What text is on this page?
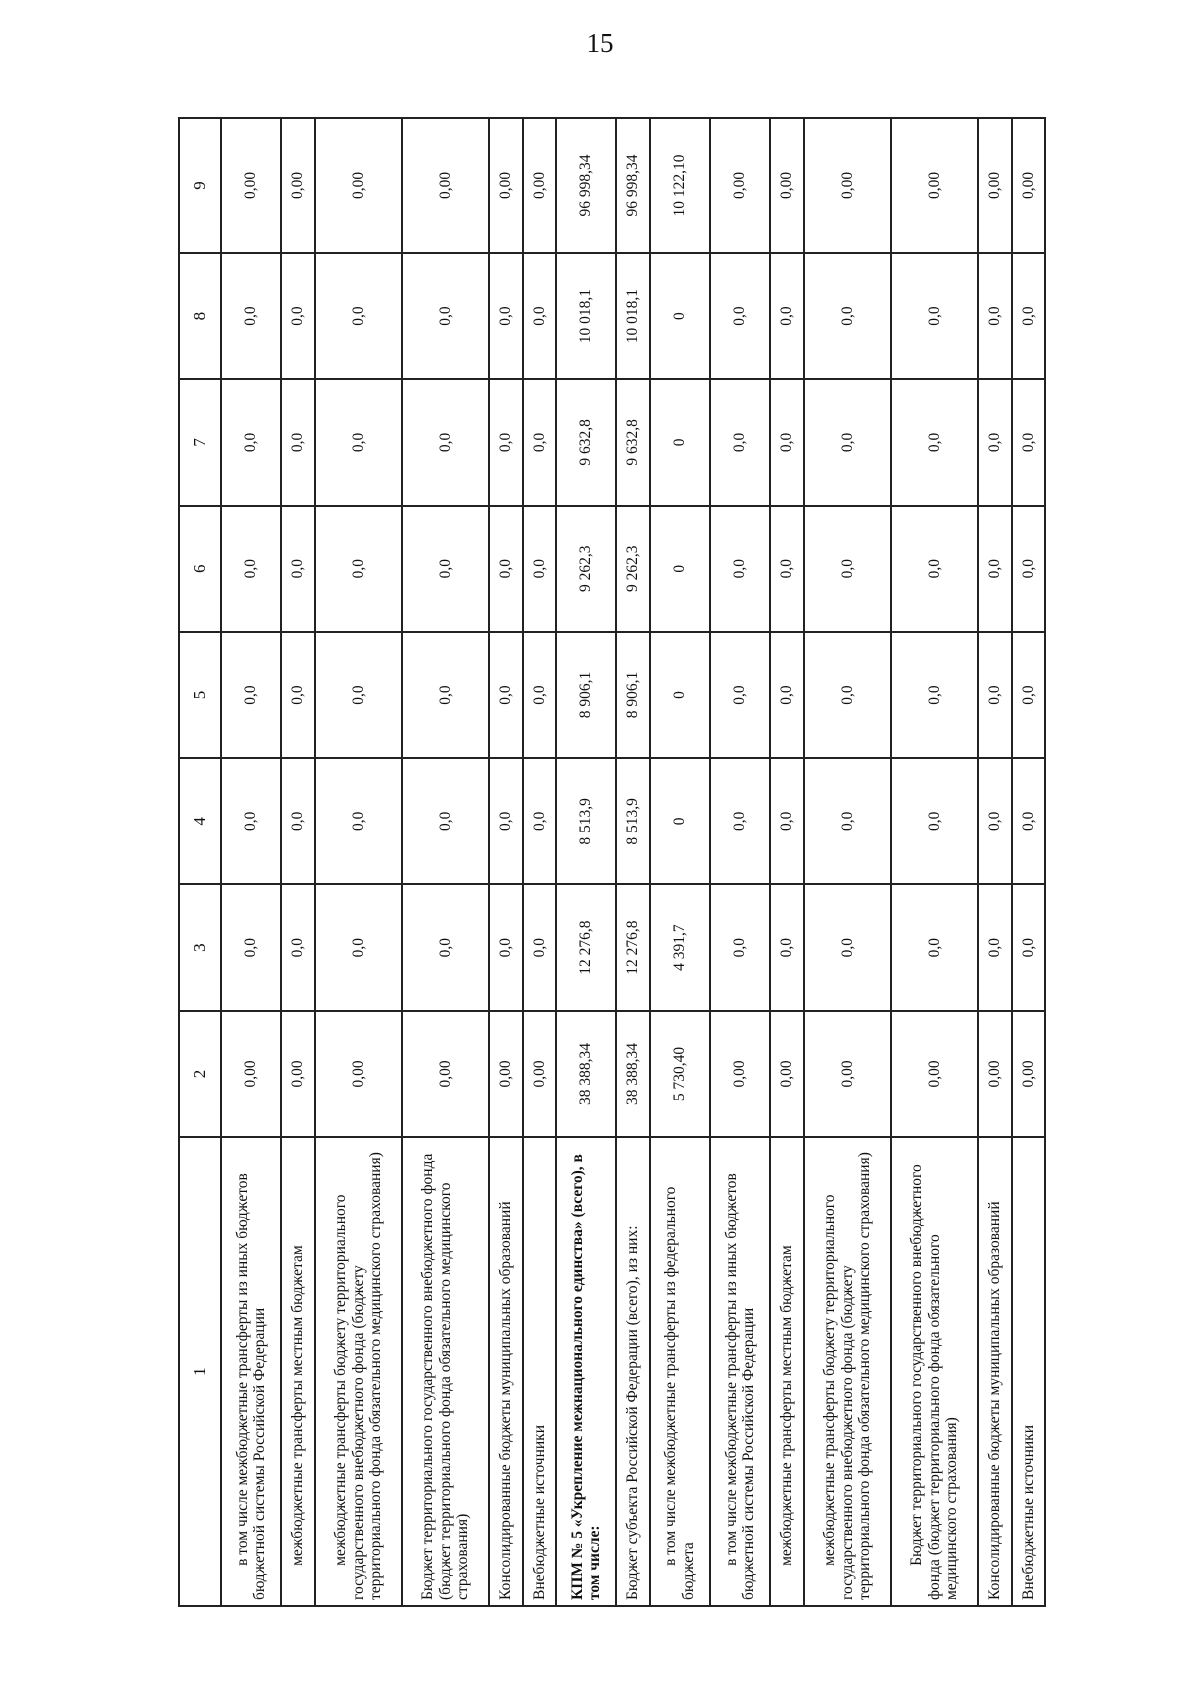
15
1	2	3	4	5	6	7	8	9
в том числе межбюджетные трансферты из иных бюджетов бюджетной системы Российской Федерации	0,00	0,0	0,0	0,0	0,0	0,0	0,0	0,00
межбюджетные трансферты местным бюджетам	0,00	0,0	0,0	0,0	0,0	0,0	0,0	0,00
межбюджетные трансферты бюджету территориального государственного внебюджетного фонда (бюджету территориального фонда обязательного медицинского страхования)	0,00	0,0	0,0	0,0	0,0	0,0	0,0	0,00
Бюджет территориального государственного внебюджетного фонда (бюджет территориального фонда обязательного медицинского страхования)	0,00	0,0	0,0	0,0	0,0	0,0	0,0	0,00
Консолидированные бюджеты муниципальных образований	0,00	0,0	0,0	0,0	0,0	0,0	0,0	0,00
Внебюджетные источники	0,00	0,0	0,0	0,0	0,0	0,0	0,0	0,00
КПМ № 5 «Укрепление межнационального единства» (всего), в том числе:	38 388,34	12 276,8	8 513,9	8 906,1	9 262,3	9 632,8	10 018,1	96 998,34
Бюджет субъекта Российской Федерации (всего), из них:	38 388,34	12 276,8	8 513,9	8 906,1	9 262,3	9 632,8	10 018,1	96 998,34
в том числе межбюджетные трансферты из федерального бюджета	5 730,40	4 391,7	0	0	0	0	0	10 122,10
в том числе межбюджетные трансферты из иных бюджетов бюджетной системы Российской Федерации	0,00	0,0	0,0	0,0	0,0	0,0	0,0	0,00
межбюджетные трансферты местным бюджетам	0,00	0,0	0,0	0,0	0,0	0,0	0,0	0,00
межбюджетные трансферты бюджету территориального государственного внебюджетного фонда (бюджету территориального фонда обязательного медицинского страхования)	0,00	0,0	0,0	0,0	0,0	0,0	0,0	0,00
Бюджет территориального государственного внебюджетного фонда (бюджет территориального фонда обязательного медицинского страхования)	0,00	0,0	0,0	0,0	0,0	0,0	0,0	0,00
Консолидированные бюджеты муниципальных образований	0,00	0,0	0,0	0,0	0,0	0,0	0,0	0,00
Внебюджетные источники	0,00	0,0	0,0	0,0	0,0	0,0	0,0	0,00
